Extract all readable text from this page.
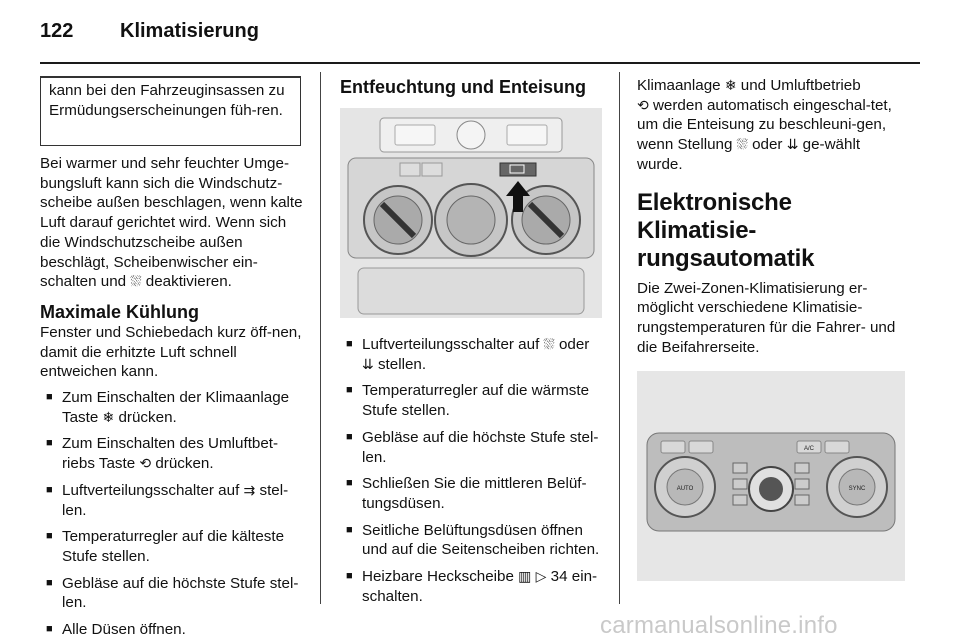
122 Klimatisierung

kann bei den Fahrzeuginsassen zu Ermüdungserscheinungen füh-ren.

Bei warmer und sehr feuchter Umge-bungsluft kann sich die Windschutz-scheibe außen beschlagen, wenn kalte Luft darauf gerichtet wird. Wenn sich die Windschutzscheibe außen beschlägt, Scheibenwischer ein-schalten und ⛆ deaktivieren.

Maximale Kühlung

Fenster und Schiebedach kurz öff-nen, damit die erhitzte Luft schnell entweichen kann.

■ Zum Einschalten der Klimaanlage Taste ❄ drücken.
■ Zum Einschalten des Umluftbet-riebs Taste ⟲ drücken.
■ Luftverteilungsschalter auf ⇉ stel-len.
■ Temperaturregler auf die kälteste Stufe stellen.
■ Gebläse auf die höchste Stufe stel-len.
■ Alle Düsen öffnen.

Entfeuchtung und Enteisung

■ Luftverteilungsschalter auf ⛆ oder ⇊ stellen.
■ Temperaturregler auf die wärmste Stufe stellen.
■ Gebläse auf die höchste Stufe stel-len.
■ Schließen Sie die mittleren Belüf-tungsdüsen.
■ Seitliche Belüftungsdüsen öffnen und auf die Seitenscheiben richten.
■ Heizbare Heckscheibe ▥ ▷ 34 ein-schalten.

Klimaanlage ❄ und Umluftbetrieb
⟲ werden automatisch eingeschal-tet, um die Enteisung zu beschleuni-gen, wenn Stellung ⛆ oder ⇊ ge-wählt wurde.

Elektronische Klimatisie-rungsautomatik

Die Zwei-Zonen-Klimatisierung er-möglicht verschiedene Klimatisie-rungstemperaturen für die Fahrer- und die Beifahrerseite.

A/C
AUTO	SYNC
carmanualsonline.info
